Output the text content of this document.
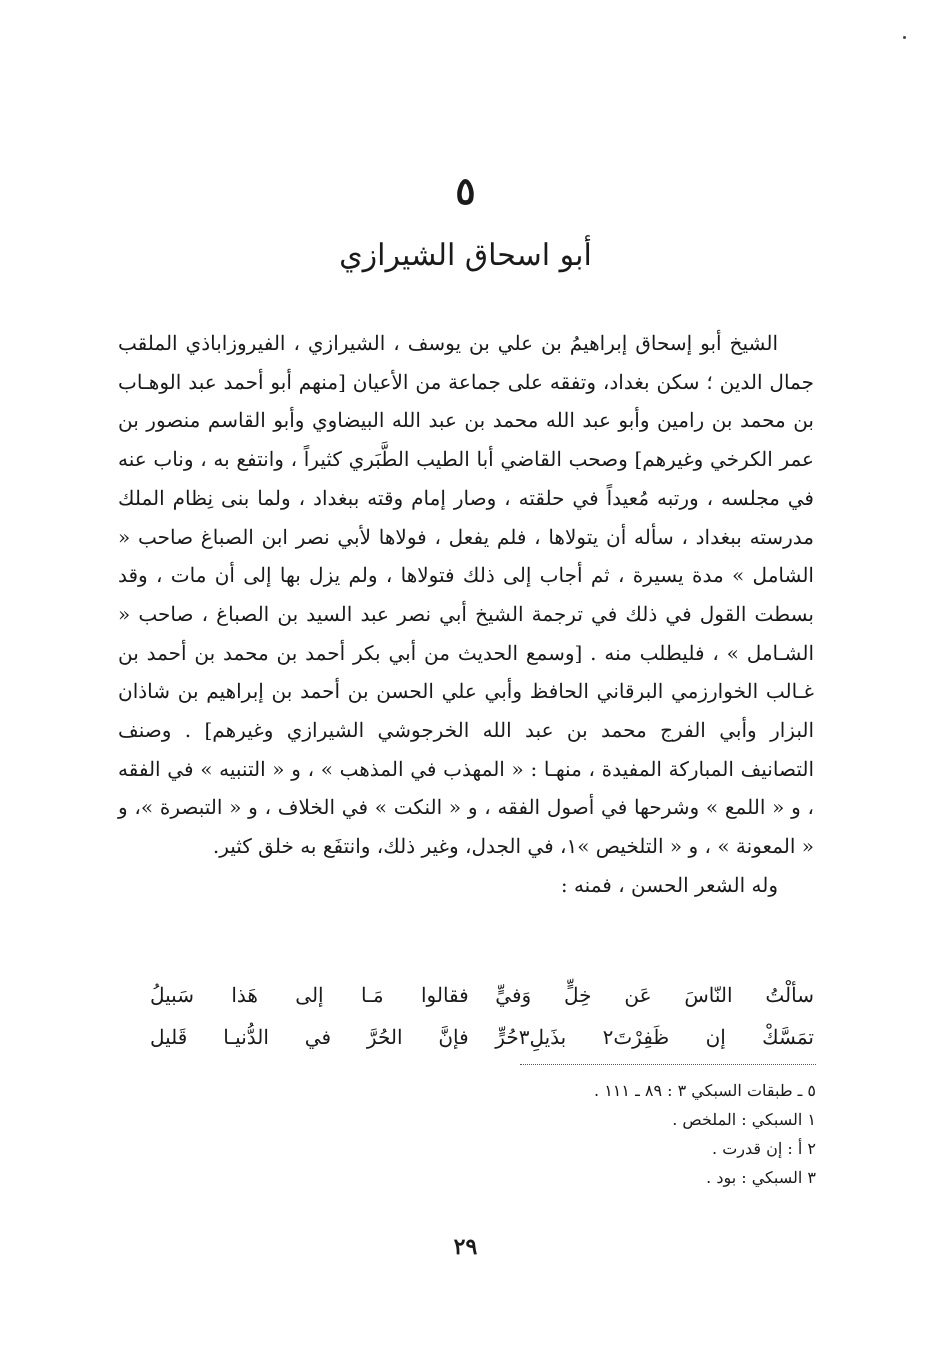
٥
أبو اسحاق الشيرازي

الشيخ أبو إسحاق إبراهيمُ بن علي بن يوسف ، الشيرازي ، الفيروزاباذي الملقب جمال الدين ؛ سكن بغداد، وتفقه على جماعة من الأعيان [منهم أبو أحمد عبد الوهـاب بن محمد بن رامين وأبو عبد الله محمد بن عبد الله البيضاوي وأبو القاسم منصور بن عمر الكرخي وغيرهم] وصحب القاضي أبا الطيب الطَّبَري كثيراً ، وانتفع به ، وناب عنه في مجلسه ، ورتبه مُعيداً في حلقته ، وصار إمام وقته ببغداد ، ولما بنى نِظام الملك مدرسته ببغداد ، سأله أن يتولاها ، فلم يفعل ، فولاها لأبي نصر ابن الصباغ صاحب « الشامل » مدة يسيرة ، ثم أجاب إلى ذلك فتولاها ، ولم يزل بها إلى أن مات ، وقد بسطت القول في ذلك في ترجمة الشيخ أبي نصر عبد السيد بن الصباغ ، صاحب « الشـامل » ، فليطلب منه . [وسمع الحديث من أبي بكر أحمد بن محمد بن أحمد بن غـالب الخوارزمي البرقاني الحافظ وأبي علي الحسن بن أحمد بن إبراهيم بن شاذان البزار وأبي الفرج محمد بن عبد الله الخرجوشي الشيرازي وغيرهم] . وصنف التصانيف المباركة المفيدة ، منهـا : « المهذب في المذهب » ، و « التنبيه » في الفقه ، و « اللمع » وشرحها في أصول الفقه ، و « النكت » في الخلاف ، و « التبصرة »، و « المعونة » ، و « التلخيص »١، في الجدل، وغير ذلك، وانتفَع به خلق كثير.

وله الشعر الحسن ، فمنه :

سألْتُ النّاسَ عَن خِلٍّ وَفيٍّ
فقالوا مَـا إلى هَذا سَبيلُ
تمَسَّكْ إن ظَفِرْتَ٢ بذَيلِ٣حُرٍّ
فإنَّ الحُرَّ في الدُّنيـا قَليل

٥ ـ طبقات السبكي ٣ : ٨٩ ـ ١١١ .

١ السبكي : الملخص .

٢ أ : إن قدرت .

٣ السبكي : بود .

٢٩
